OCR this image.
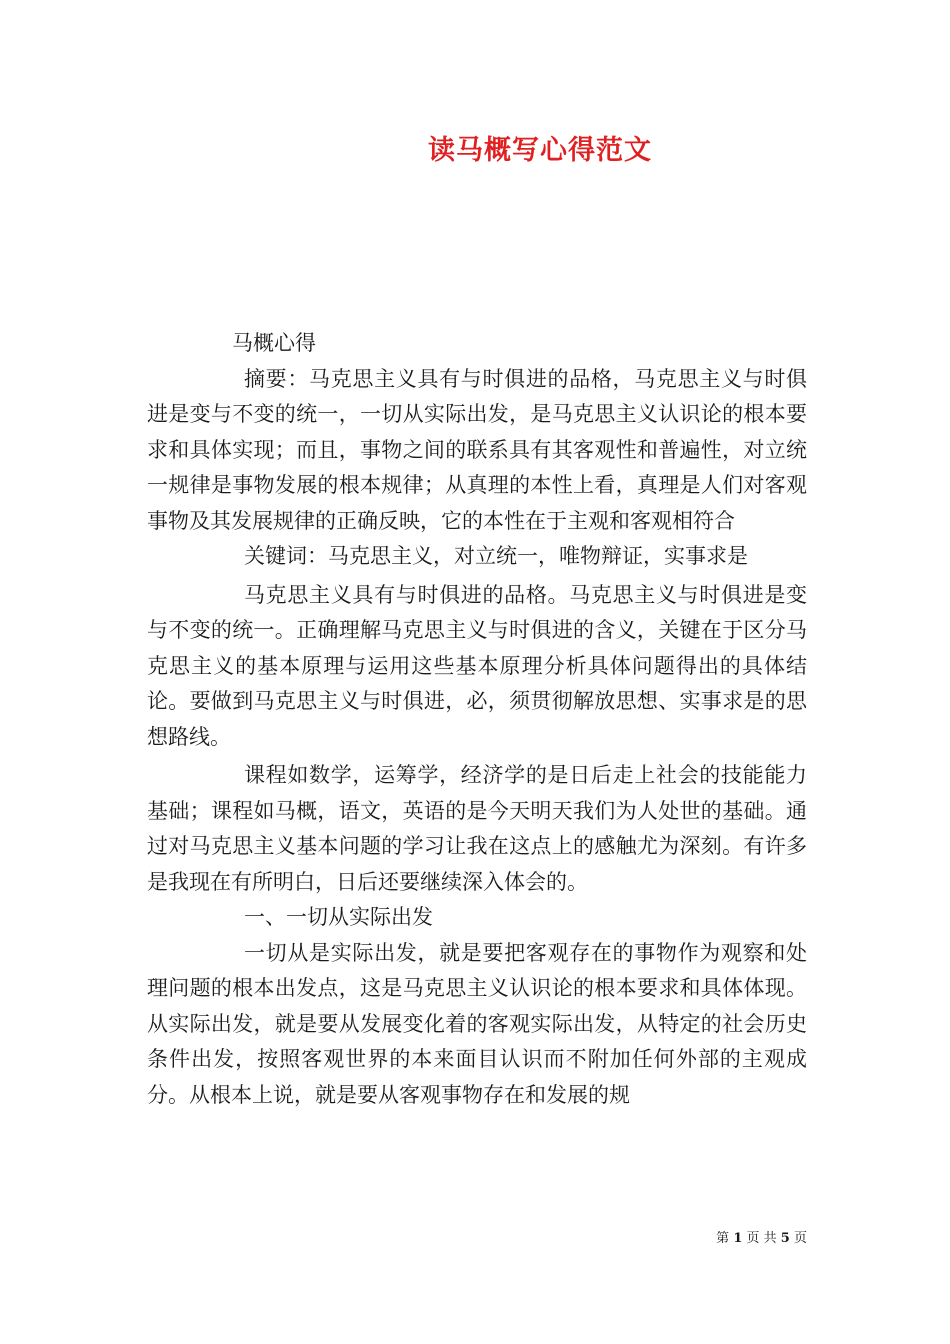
读马概写心得范文

马概心得

摘要：马克思主义具有与时俱进的品格，马克思主义与时俱进是变与不变的统一，一切从实际出发，是马克思主义认识论的根本要求和具体实现；而且，事物之间的联系具有其客观性和普遍性，对立统一规律是事物发展的根本规律；从真理的本性上看，真理是人们对客观事物及其发展规律的正确反映，它的本性在于主观和客观相符合

关键词：马克思主义，对立统一，唯物辩证，实事求是

马克思主义具有与时俱进的品格。马克思主义与时俱进是变与不变的统一。正确理解马克思主义与时俱进的含义，关键在于区分马克思主义的基本原理与运用这些基本原理分析具体问题得出的具体结论。要做到马克思主义与时俱进，必，须贯彻解放思想、实事求是的思想路线。

课程如数学，运筹学，经济学的是日后走上社会的技能能力基础；课程如马概，语文，英语的是今天明天我们为人处世的基础。通过对马克思主义基本问题的学习让我在这点上的感触尤为深刻。有许多是我现在有所明白，日后还要继续深入体会的。

一、一切从实际出发

一切从是实际出发，就是要把客观存在的事物作为观察和处理问题的根本出发点，这是马克思主义认识论的根本要求和具体体现。从实际出发，就是要从发展变化着的客观实际出发，从特定的社会历史条件出发，按照客观世界的本来面目认识而不附加任何外部的主观成分。从根本上说，就是要从客观事物存在和发展的规

第 1 页 共 5 页
